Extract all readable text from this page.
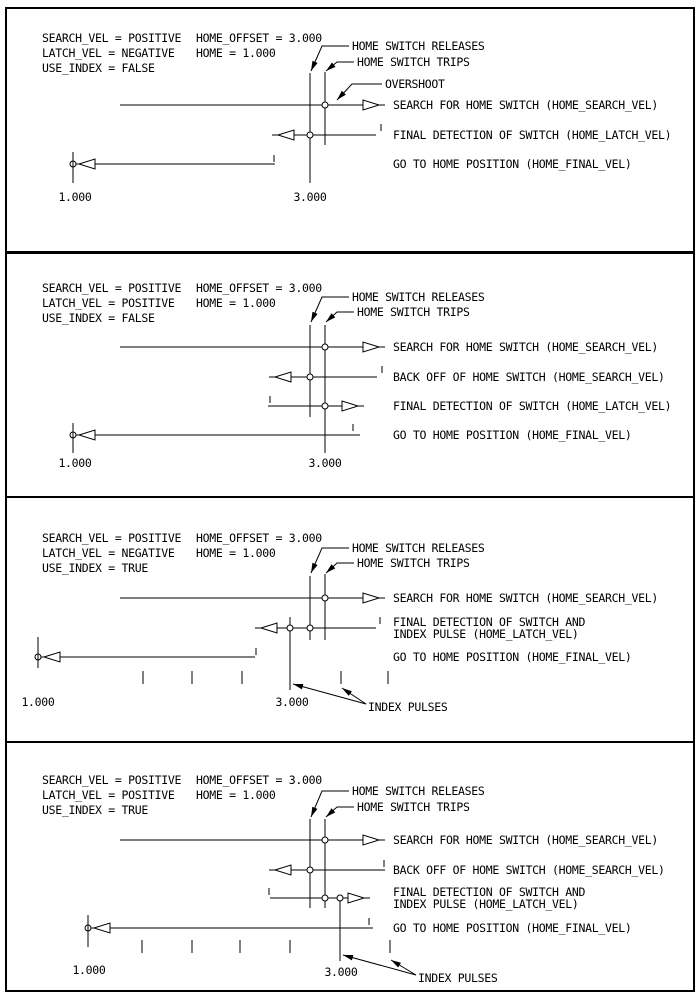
SEARCH_VEL = POSITIVE HOME_OFFSET = 3.000
LATCH_VEL = NEGATIVE HOME = 1.000
USE_INDEX = FALSE
HOME SWITCH RELEASES
HOME SWITCH TRIPS
OVERSHOOT
SEARCH FOR HOME SWITCH (HOME_SEARCH_VEL)
FINAL DETECTION OF SWITCH (HOME_LATCH_VEL)
GO TO HOME POSITION (HOME_FINAL_VEL)
1.000	3.000
SEARCH_VEL = POSITIVE HOME_OFFSET = 3.000
LATCH_VEL = POSITIVE HOME = 1.000
USE_INDEX = FALSE
HOME SWITCH RELEASES
HOME SWITCH TRIPS
SEARCH FOR HOME SWITCH (HOME_SEARCH_VEL)
BACK OFF OF HOME SWITCH (HOME_SEARCH_VEL)
FINAL DETECTION OF SWITCH (HOME_LATCH_VEL)
GO TO HOME POSITION (HOME_FINAL_VEL)
1.000	3.000
SEARCH_VEL = POSITIVE HOME_OFFSET = 3.000
LATCH_VEL = NEGATIVE HOME = 1.000
USE_INDEX = TRUE
HOME SWITCH RELEASES
HOME SWITCH TRIPS
SEARCH FOR HOME SWITCH (HOME_SEARCH_VEL)
FINAL DETECTION OF SWITCH AND
INDEX PULSE (HOME_LATCH_VEL)
GO TO HOME POSITION (HOME_FINAL_VEL)
1.000	3.000	INDEX PULSES
SEARCH_VEL = POSITIVE HOME_OFFSET = 3.000
LATCH_VEL = POSITIVE HOME = 1.000
USE_INDEX = TRUE
HOME SWITCH RELEASES
HOME SWITCH TRIPS
SEARCH FOR HOME SWITCH (HOME_SEARCH_VEL)
BACK OFF OF HOME SWITCH (HOME_SEARCH_VEL)
FINAL DETECTION OF SWITCH AND
INDEX PULSE (HOME_LATCH_VEL)
GO TO HOME POSITION (HOME_FINAL_VEL)
1.000	3.000	INDEX PULSES
